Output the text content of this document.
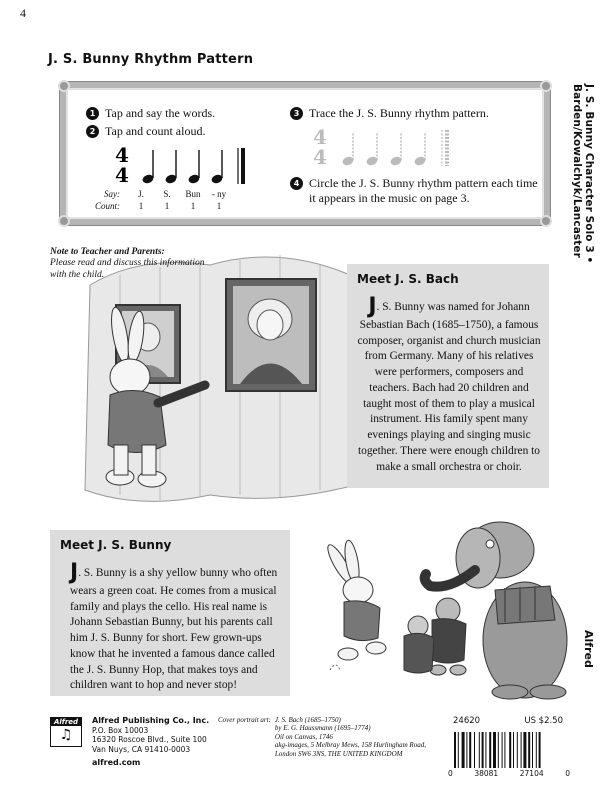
4
J. S. Bunny Rhythm Pattern
1 Tap and say the words.
2 Tap and count aloud.
3 Trace the J. S. Bunny rhythm pattern.
4 Circle the J. S. Bunny rhythm pattern each time it appears in the music on page 3.
4
4
4
4
Say:	J.	S.	Bun	- ny
Count:	1	1	1	1
Note to Teacher and Parents:
Please read and discuss this information with the child.	Meet J. S. Bach
J. S. Bunny was named for Johann Sebastian Bach (1685–1750), a famous composer, organist and church musician from Germany. Many of his relatives were performers, composers and teachers. Bach had 20 children and taught most of them to play a musical instrument. His family spent many evenings playing and singing music together. There were enough children to make a small orchestra or choir.
Meet J. S. Bunny
J. S. Bunny is a shy yellow bunny who often wears a green coat. He comes from a musical family and plays the cello. His real name is Johann Sebastian Bunny, but his parents call him J. S. Bunny for short. Few grown-ups know that he invented a famous dance called the J. S. Bunny Hop, that makes toys and children want to hop and never stop!
J. S. Bunny Character Solo 3 • Barden/Kowalchyk/Lancaster
Alfred
Alfred
♫
Alfred Publishing Co., Inc.
P.O. Box 10003
16320 Roscoe Blvd., Suite 100
Van Nuys, CA 91410-0003
alfred.com
Cover portrait art: J. S. Bach (1685–1750)
by E. G. Haussmann (1695–1774)
Oil on Canvas, 1746
akg-images, 5 Melbray Mews, 158 Hurlingham Road,
London SW6 3NS, THE UNITED KINGDOM
24620	US $2.50
0	38081	27104	0
